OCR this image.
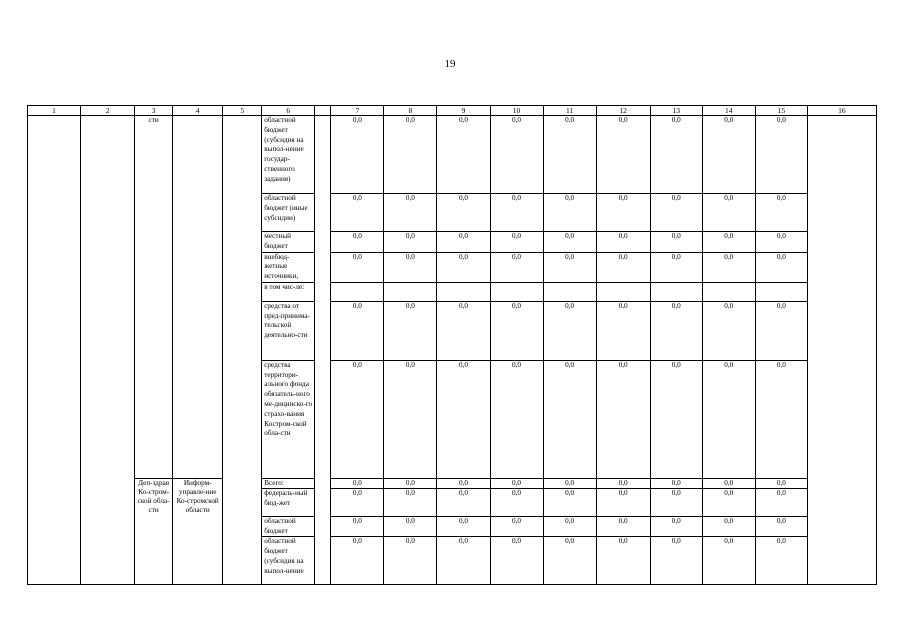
19
1	2	3	4	5	6		7	8	9	10	11	12	13	14	15	16
		сти			областной бюджет (субсидия на выпол-нение государ-ственного задания)		0,0	0,0	0,0	0,0	0,0	0,0	0,0	0,0	0,0	
					областной бюджет (иные субсидии)		0,0	0,0	0,0	0,0	0,0	0,0	0,0	0,0	0,0	
					местный бюджет		0,0	0,0	0,0	0,0	0,0	0,0	0,0	0,0	0,0	
					внебюд-жетные источники,		0,0	0,0	0,0	0,0	0,0	0,0	0,0	0,0	0,0	
					в том чис-ле:											
					средства от пред-принима-тельской деятельно-сти		0,0	0,0	0,0	0,0	0,0	0,0	0,0	0,0	0,0	
					средства территори-ального фонда обязатель-ного ме-дицинско-го страхо-вания Костром-ской обла-сти		0,0	0,0	0,0	0,0	0,0	0,0	0,0	0,0	0,0	
		Деп-здрав Ко-стром-ской обла-сти	Информ-управле-ние Ко-стромской области		Всего:		0,0	0,0	0,0	0,0	0,0	0,0	0,0	0,0	0,0	
					федераль-ный бюд-жет		0,0	0,0	0,0	0,0	0,0	0,0	0,0	0,0	0,0	
					областной бюджет		0,0	0,0	0,0	0,0	0,0	0,0	0,0	0,0	0,0	
					областной бюджет (субсидия на выпол-нение		0,0	0,0	0,0	0,0	0,0	0,0	0,0	0,0	0,0	
